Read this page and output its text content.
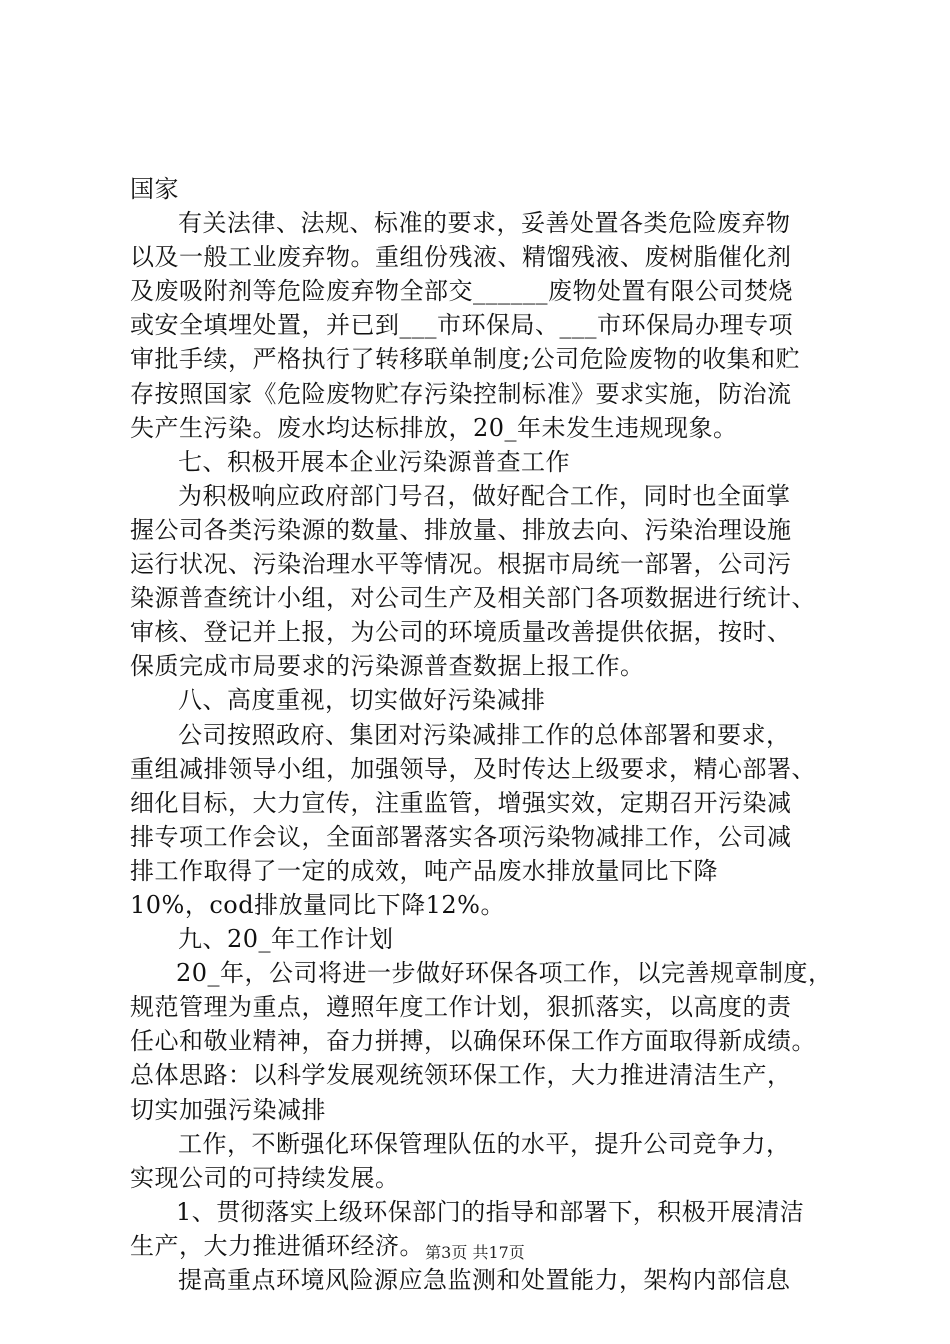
国家
有关法律、法规、标准的要求，妥善处置各类危险废弃物
以及一般工业废弃物。重组份残液、精馏残液、废树脂催化剂
及废吸附剂等危险废弃物全部交______废物处置有限公司焚烧
或安全填埋处置，并已到___市环保局、___市环保局办理专项
审批手续，严格执行了转移联单制度;公司危险废物的收集和贮
存按照国家《危险废物贮存污染控制标准》要求实施，防治流
失产生污染。废水均达标排放，20_年未发生违规现象。
七、积极开展本企业污染源普查工作
为积极响应政府部门号召，做好配合工作，同时也全面掌
握公司各类污染源的数量、排放量、排放去向、污染治理设施
运行状况、污染治理水平等情况。根据市局统一部署，公司污
染源普查统计小组，对公司生产及相关部门各项数据进行统计、
审核、登记并上报，为公司的环境质量改善提供依据，按时、
保质完成市局要求的污染源普查数据上报工作。
八、高度重视，切实做好污染减排
公司按照政府、集团对污染减排工作的总体部署和要求，
重组减排领导小组，加强领导，及时传达上级要求，精心部署、
细化目标，大力宣传，注重监管，增强实效，定期召开污染减
排专项工作会议，全面部署落实各项污染物减排工作，公司减
排工作取得了一定的成效，吨产品废水排放量同比下降
10%，cod排放量同比下降12%。
九、20_年工作计划
20_年，公司将进一步做好环保各项工作，以完善规章制度，
规范管理为重点，遵照年度工作计划，狠抓落实，以高度的责
任心和敬业精神，奋力拼搏，以确保环保工作方面取得新成绩。
总体思路：以科学发展观统领环保工作，大力推进清洁生产，
切实加强污染减排
工作，不断强化环保管理队伍的水平，提升公司竞争力，
实现公司的可持续发展。
1、贯彻落实上级环保部门的指导和部署下，积极开展清洁
生产，大力推进循环经济。
提高重点环境风险源应急监测和处置能力，架构内部信息
第3页 共17页
